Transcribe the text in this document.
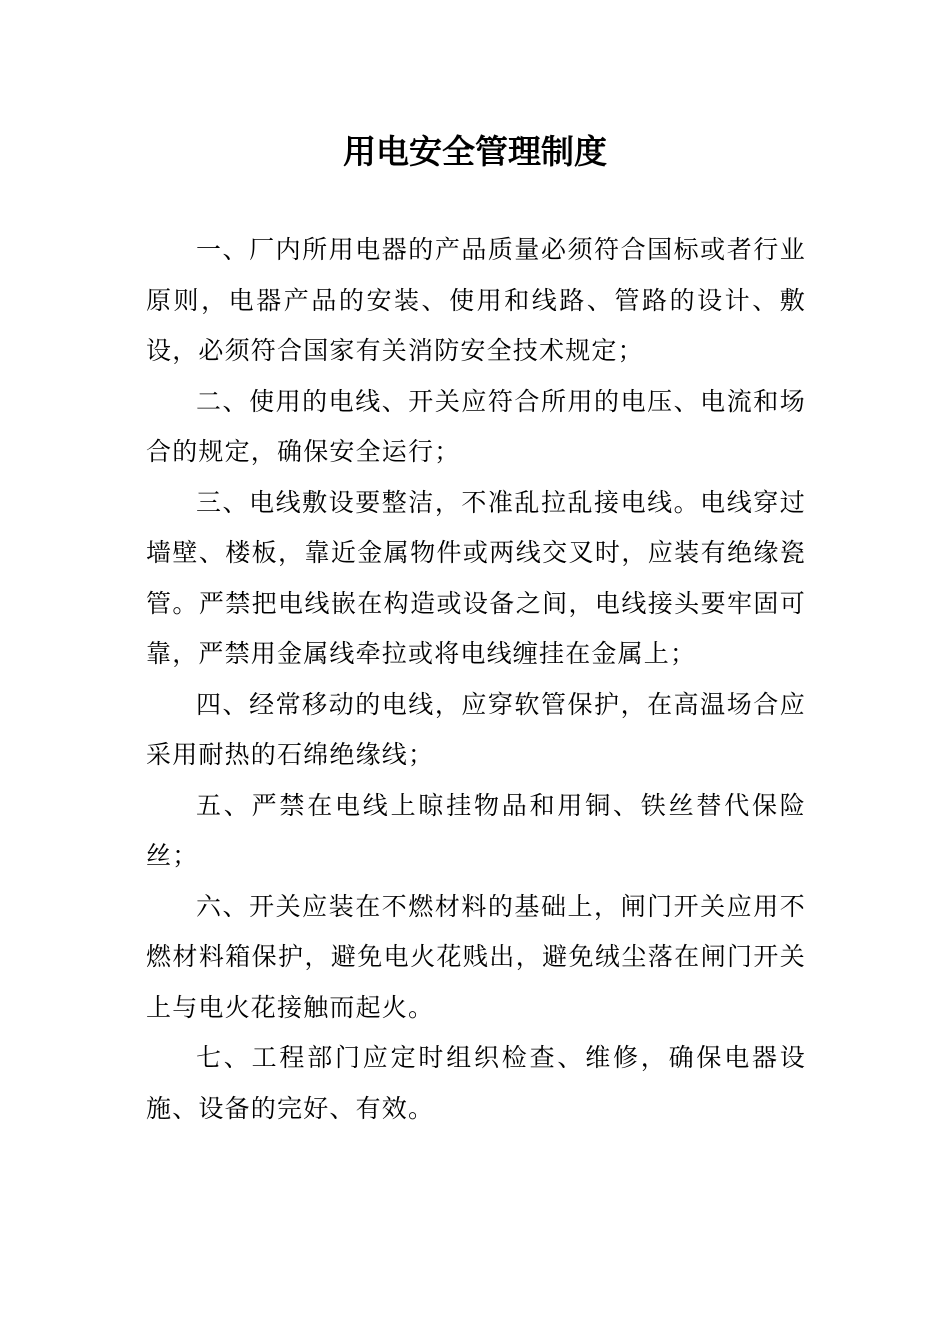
用电安全管理制度

一、厂内所用电器的产品质量必须符合国标或者行业原则，电器产品的安装、使用和线路、管路的设计、敷设，必须符合国家有关消防安全技术规定；

二、使用的电线、开关应符合所用的电压、电流和场合的规定，确保安全运行；

三、电线敷设要整洁，不准乱拉乱接电线。电线穿过墙壁、楼板，靠近金属物件或两线交叉时，应装有绝缘瓷管。严禁把电线嵌在构造或设备之间，电线接头要牢固可靠，严禁用金属线牵拉或将电线缠挂在金属上；

四、经常移动的电线，应穿软管保护，在高温场合应采用耐热的石绵绝缘线；

五、严禁在电线上晾挂物品和用铜、铁丝替代保险丝；

六、开关应装在不燃材料的基础上，闸门开关应用不燃材料箱保护，避免电火花贱出，避免绒尘落在闸门开关上与电火花接触而起火。

七、工程部门应定时组织检查、维修，确保电器设施、设备的完好、有效。
